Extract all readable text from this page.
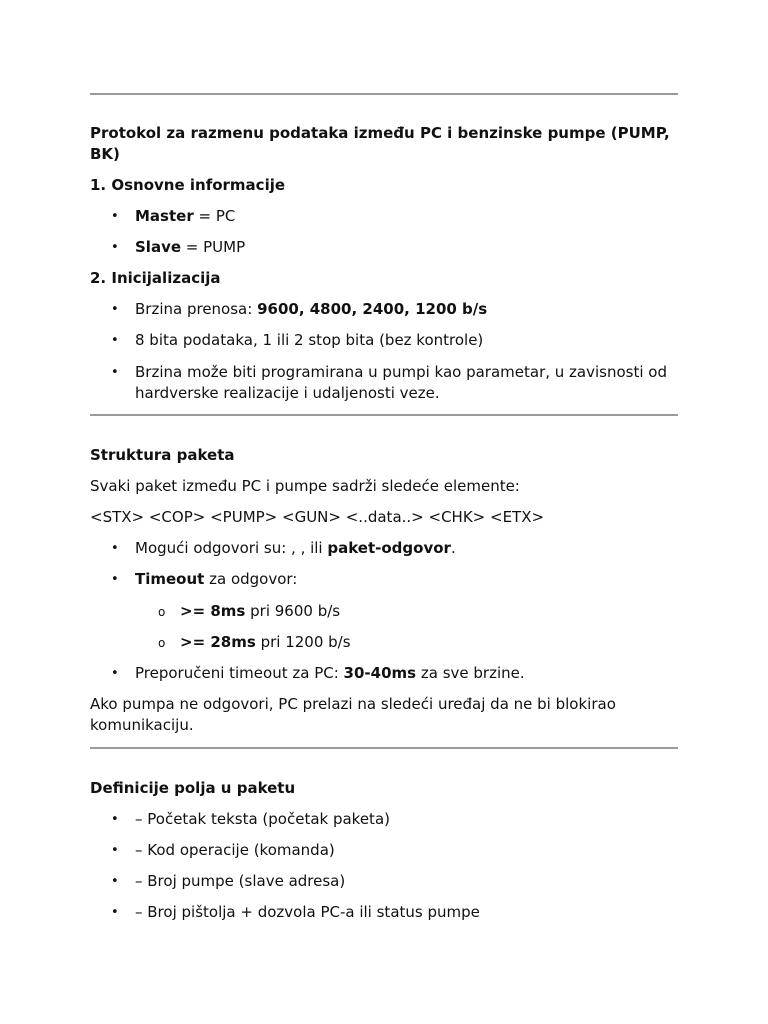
Protokol za razmenu podataka između PC i benzinske pumpe (PUMP, BK)

1. Osnovne informacije

• Master = PC

• Slave = PUMP

2. Inicijalizacija

• Brzina prenosa: 9600, 4800, 2400, 1200 b/s

• 8 bita podataka, 1 ili 2 stop bita (bez kontrole)

• Brzina može biti programirana u pumpi kao parametar, u zavisnosti od hardverske realizacije i udaljenosti veze.

Struktura paketa

Svaki paket između PC i pumpe sadrži sledeće elemente:

<STX> <COP> <PUMP> <GUN> <..data..> <CHK> <ETX>

• Mogući odgovori su: , , ili paket-odgovor.

• Timeout za odgovor:

o >= 8ms pri 9600 b/s

o >= 28ms pri 1200 b/s

• Preporučeni timeout za PC: 30-40ms za sve brzine.

Ako pumpa ne odgovori, PC prelazi na sledeći uređaj da ne bi blokirao komunikaciju.

Definicije polja u paketu

• – Početak teksta (početak paketa)

• – Kod operacije (komanda)

• – Broj pumpe (slave adresa)

• – Broj pištolja + dozvola PC-a ili status pumpe
